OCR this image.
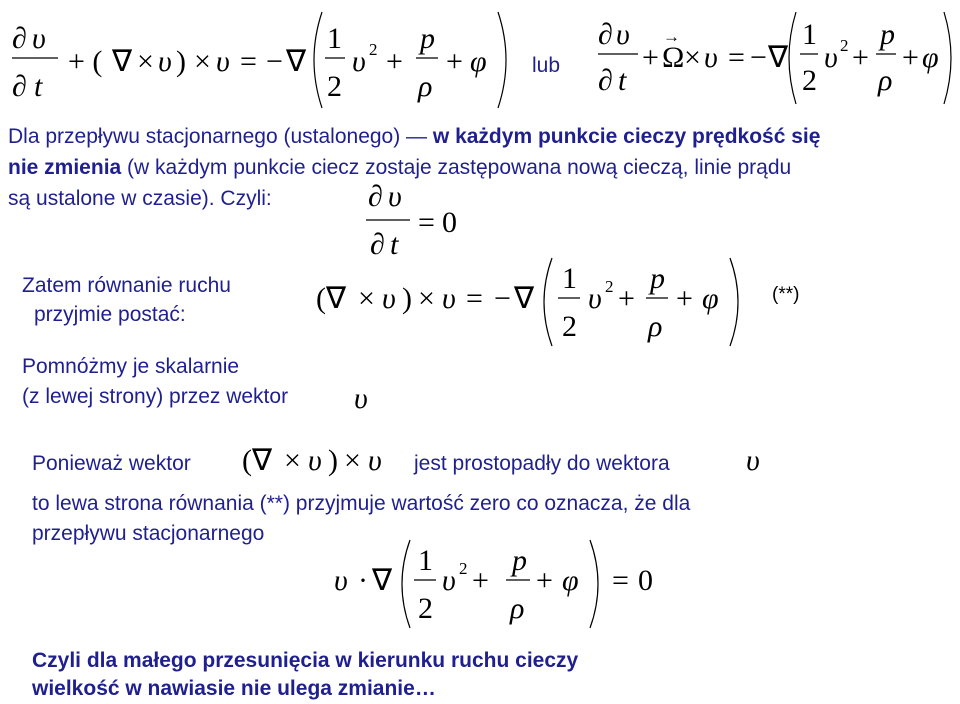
∂ υ
∂ t
+ ( ∇ × υ ) × υ = − ∇
1
2
υ 2 +
p
ρ
+ φ lub
∂ υ
∂ t
+ Ω
→
× υ = − ∇
1
2
υ 2 +
p
ρ
+ φ
Dla przepływu stacjonarnego (ustalonego) — w każdym punkcie cieczy prędkość się
nie zmienia (w każdym punkcie ciecz zostaje zastępowana nową cieczą, linie prądu
są ustalone w czasie). Czyli:	∂ υ
∂ t
= 0
Zatem równanie ruchu
przyjmie postać:	(∇ × υ ) × υ = − ∇
1
2
υ 2 +
p
ρ
+ φ	(**)
Pomnóżmy je skalarnie
(z lewej strony) przez wektor υ
Ponieważ wektor (∇ × υ ) × υ jest prostopadły do wektora	υ
to lewa strona równania (**) przyjmuje wartość zero co oznacza, że dla
przepływu stacjonarnego
υ · ∇
1
2
υ 2 +
p
ρ
+ φ = 0
Czyli dla małego przesunięcia w kierunku ruchu cieczy
wielkość w nawiasie nie ulega zmianie…
